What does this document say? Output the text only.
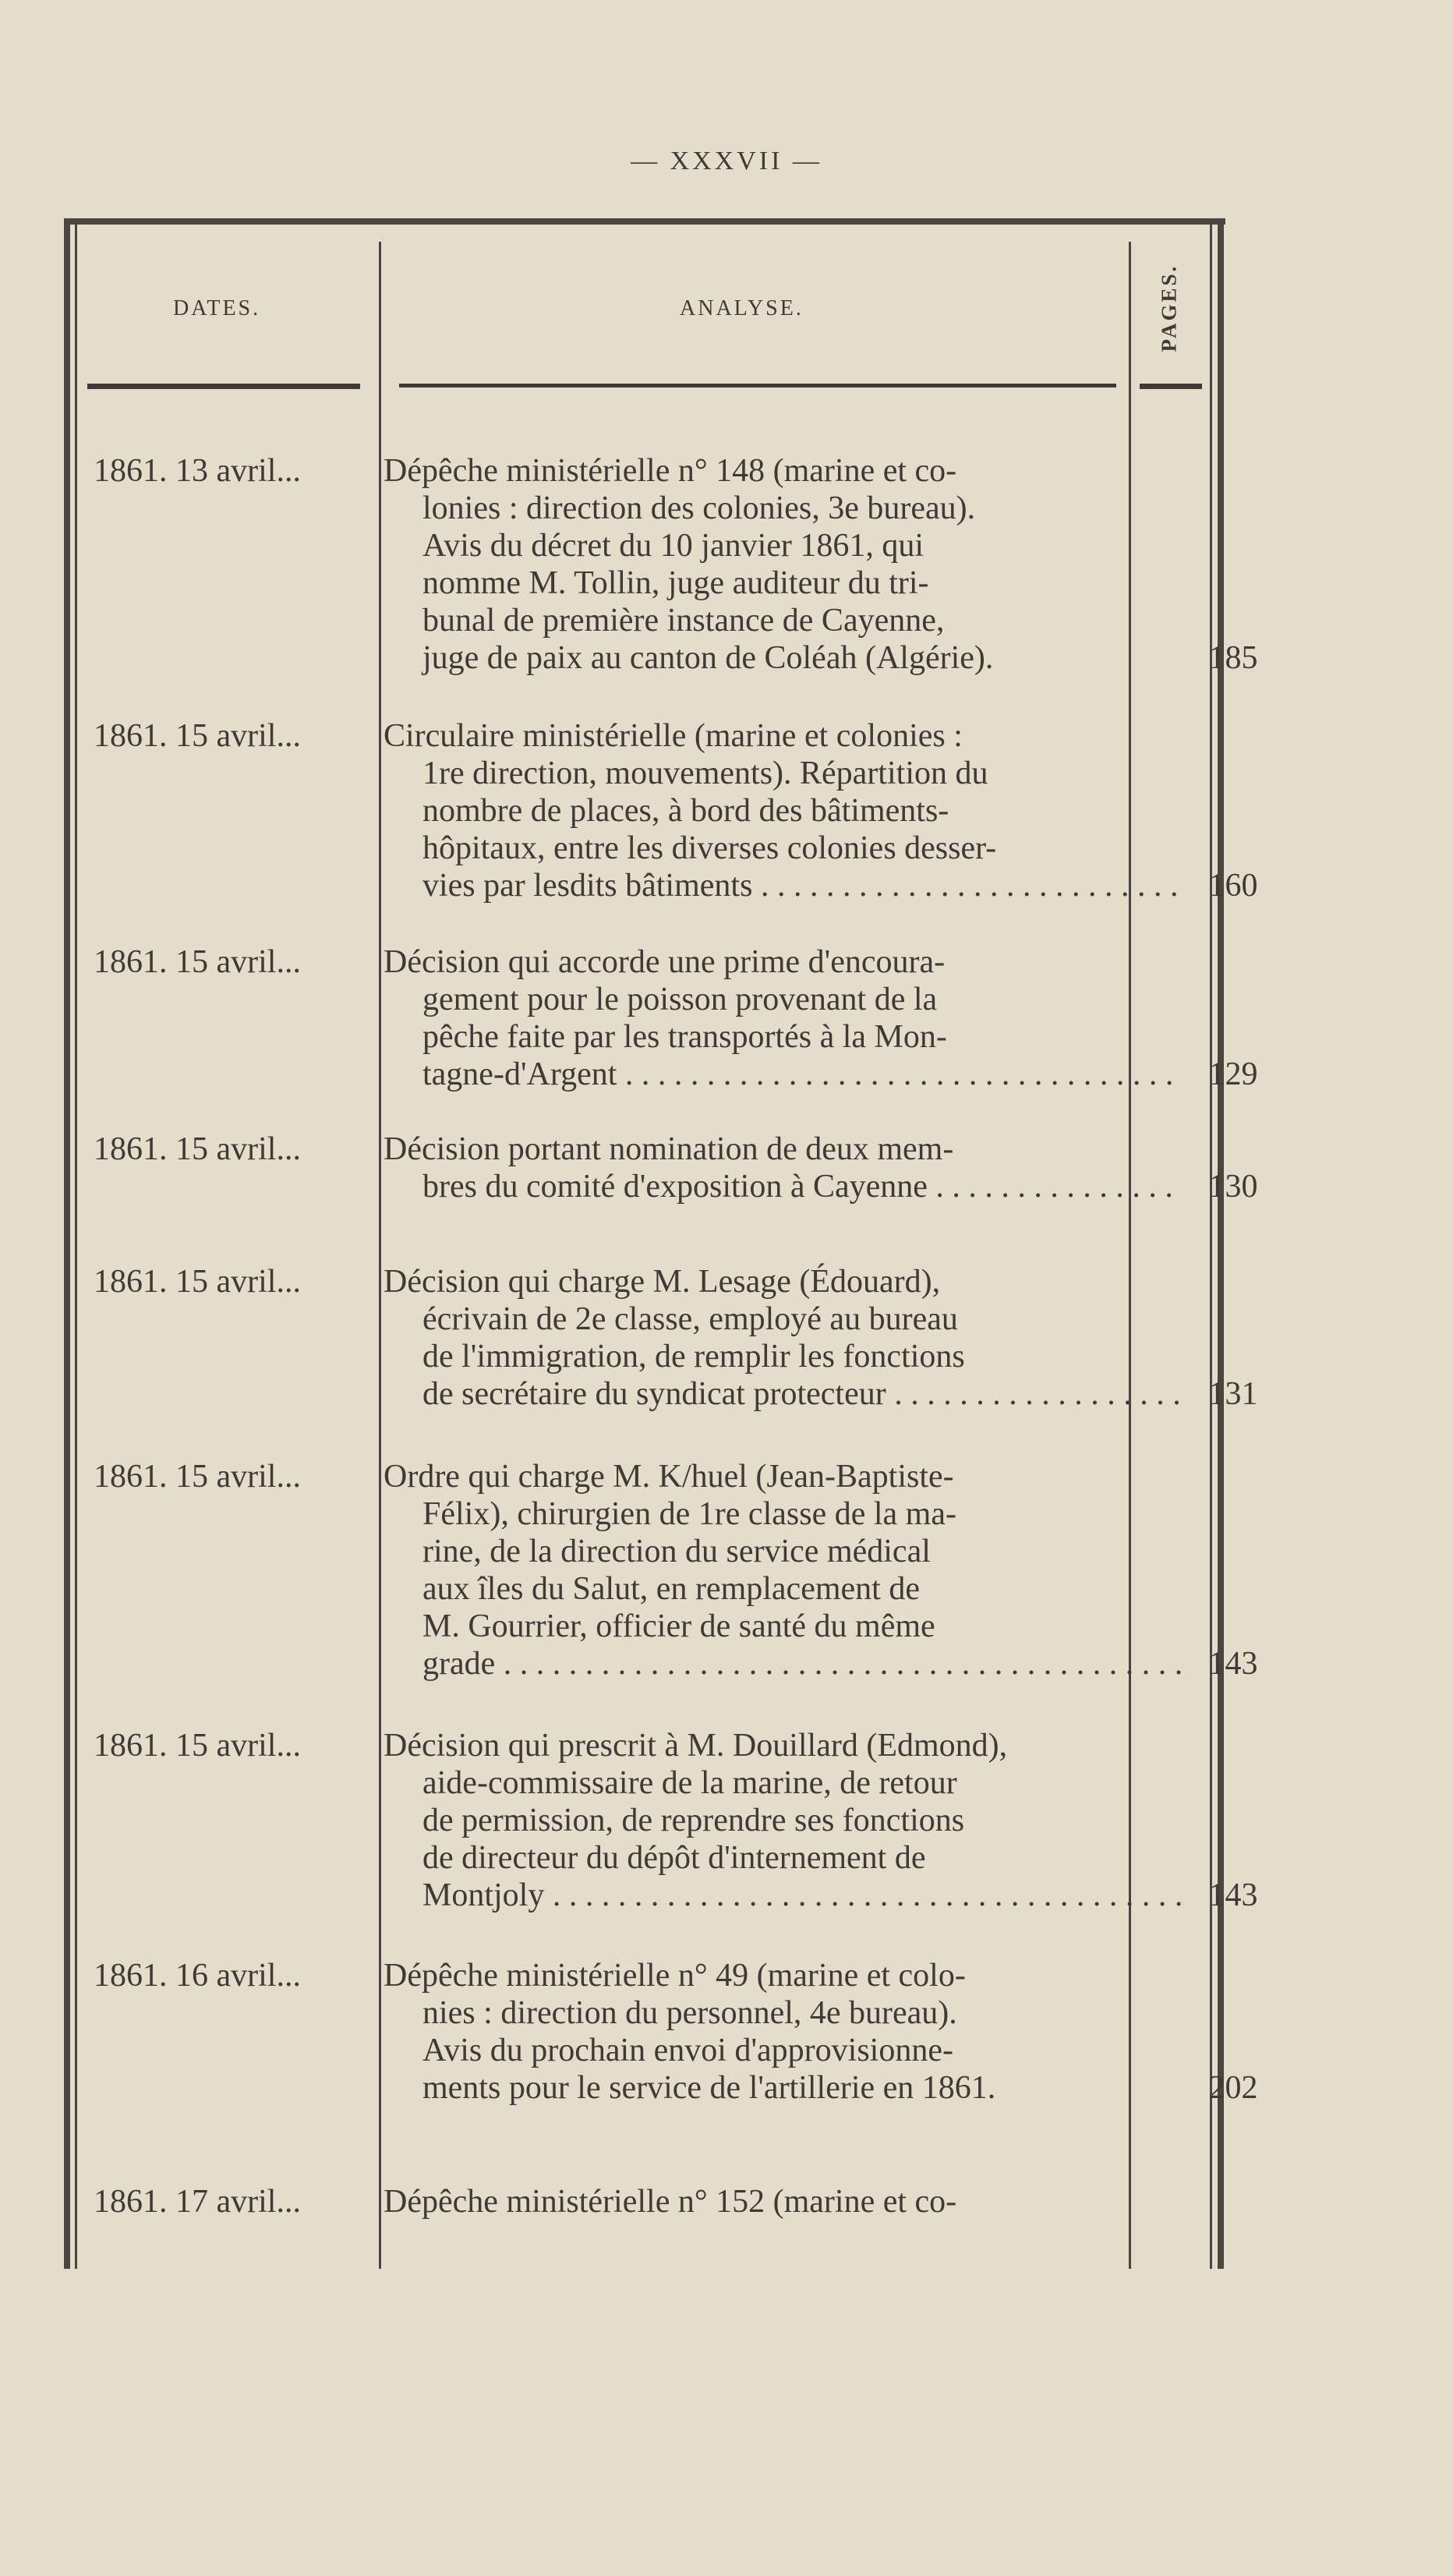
— XXXVII —
DATES.	ANALYSE.	PAGES.
1861. 13 avril...	Dépêche ministérielle n° 148 (marine et co-
lonies : direction des colonies, 3e bureau).
Avis du décret du 10 janvier 1861, qui
nomme M. Tollin, juge auditeur du tri-
bunal de première instance de Cayenne,
juge de paix au canton de Coléah (Algérie).	185
1861. 15 avril...	Circulaire ministérielle (marine et colonies :
1re direction, mouvements). Répartition du
nombre de places, à bord des bâtiments-
hôpitaux, entre les diverses colonies desser-
vies par lesdits bâtiments . . .	160
1861. 15 avril...	Décision qui accorde une prime d'encoura-
gement pour le poisson provenant de la
pêche faite par les transportés à la Mon-
tagne-d'Argent . . .	129
1861. 15 avril...	Décision portant nomination de deux mem-
bres du comité d'exposition à Cayenne . . .	130
1861. 15 avril...	Décision qui charge M. Lesage (Édouard),
écrivain de 2e classe, employé au bureau
de l'immigration, de remplir les fonctions
de secrétaire du syndicat protecteur . . .	131
1861. 15 avril...	Ordre qui charge M. K/huel (Jean-Baptiste-
Félix), chirurgien de 1re classe de la ma-
rine, de la direction du service médical
aux îles du Salut, en remplacement de
M. Gourrier, officier de santé du même
grade . . .	143
1861. 15 avril...	Décision qui prescrit à M. Douillard (Edmond),
aide-commissaire de la marine, de retour
de permission, de reprendre ses fonctions
de directeur du dépôt d'internement de
Montjoly . . .	143
1861. 16 avril...	Dépêche ministérielle n° 49 (marine et colo-
nies : direction du personnel, 4e bureau).
Avis du prochain envoi d'approvisionne-
ments pour le service de l'artillerie en 1861.	202
1861. 17 avril...	Dépêche ministérielle n° 152 (marine et co-
